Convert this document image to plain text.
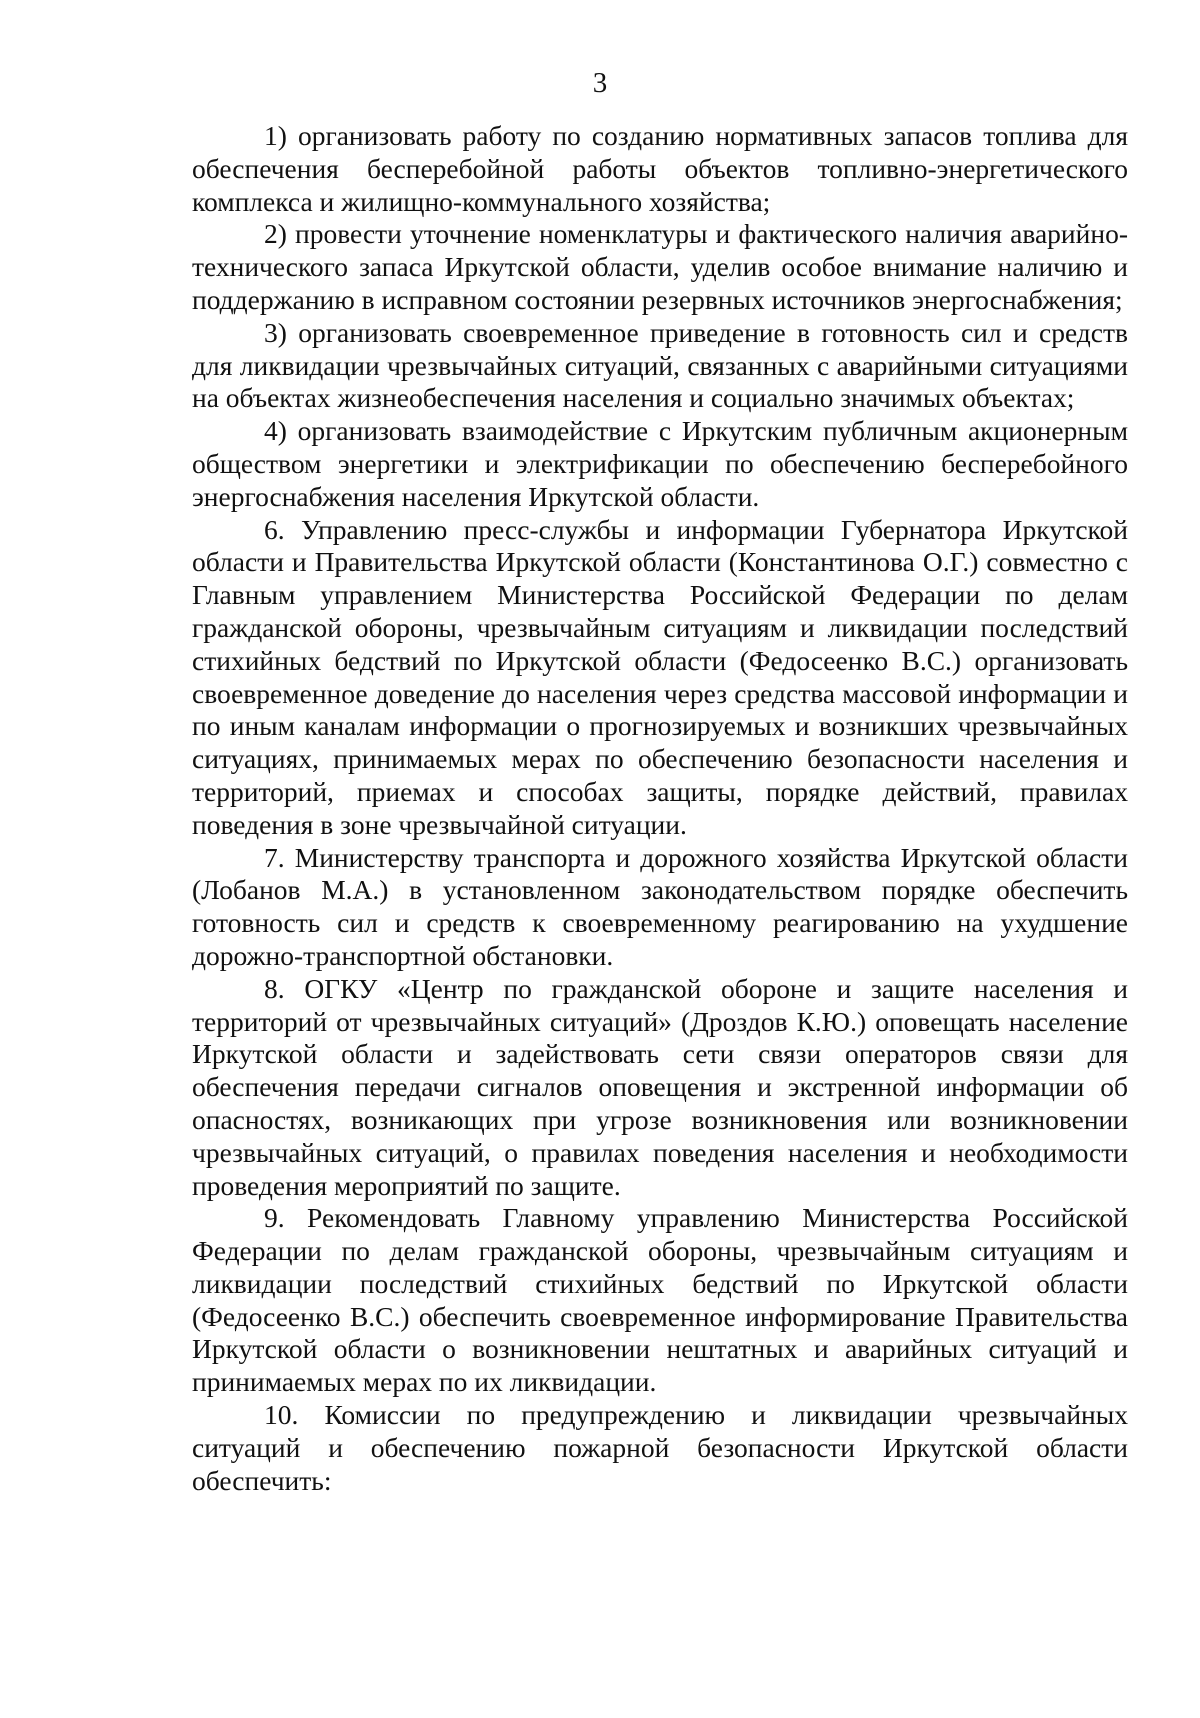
3

1) организовать работу по созданию нормативных запасов топлива для обеспечения бесперебойной работы объектов топливно-энергетического комплекса и жилищно-коммунального хозяйства;

2) провести уточнение номенклатуры и фактического наличия аварийно-технического запаса Иркутской области, уделив особое внимание наличию и поддержанию в исправном состоянии резервных источников энергоснабжения;

3) организовать своевременное приведение в готовность сил и средств для ликвидации чрезвычайных ситуаций, связанных с аварийными ситуациями на объектах жизнеобеспечения населения и социально значимых объектах;

4) организовать взаимодействие с Иркутским публичным акционерным обществом энергетики и электрификации по обеспечению бесперебойного энергоснабжения населения Иркутской области.

6. Управлению пресс-службы и информации Губернатора Иркутской области и Правительства Иркутской области (Константинова О.Г.) совместно с Главным управлением Министерства Российской Федерации по делам гражданской обороны, чрезвычайным ситуациям и ликвидации последствий стихийных бедствий по Иркутской области (Федосеенко В.С.) организовать своевременное доведение до населения через средства массовой информации и по иным каналам информации о прогнозируемых и возникших чрезвычайных ситуациях, принимаемых мерах по обеспечению безопасности населения и территорий, приемах и способах защиты, порядке действий, правилах поведения в зоне чрезвычайной ситуации.

7. Министерству транспорта и дорожного хозяйства Иркутской области (Лобанов М.А.) в установленном законодательством порядке обеспечить готовность сил и средств к своевременному реагированию на ухудшение дорожно-транспортной обстановки.

8. ОГКУ «Центр по гражданской обороне и защите населения и территорий от чрезвычайных ситуаций» (Дроздов К.Ю.) оповещать население Иркутской области и задействовать сети связи операторов связи для обеспечения передачи сигналов оповещения и экстренной информации об опасностях, возникающих при угрозе возникновения или возникновении чрезвычайных ситуаций, о правилах поведения населения и необходимости проведения мероприятий по защите.

9. Рекомендовать Главному управлению Министерства Российской Федерации по делам гражданской обороны, чрезвычайным ситуациям и ликвидации последствий стихийных бедствий по Иркутской области (Федосеенко В.С.) обеспечить своевременное информирование Правительства Иркутской области о возникновении нештатных и аварийных ситуаций и принимаемых мерах по их ликвидации.

10. Комиссии по предупреждению и ликвидации чрезвычайных ситуаций и обеспечению пожарной безопасности Иркутской области обеспечить:
